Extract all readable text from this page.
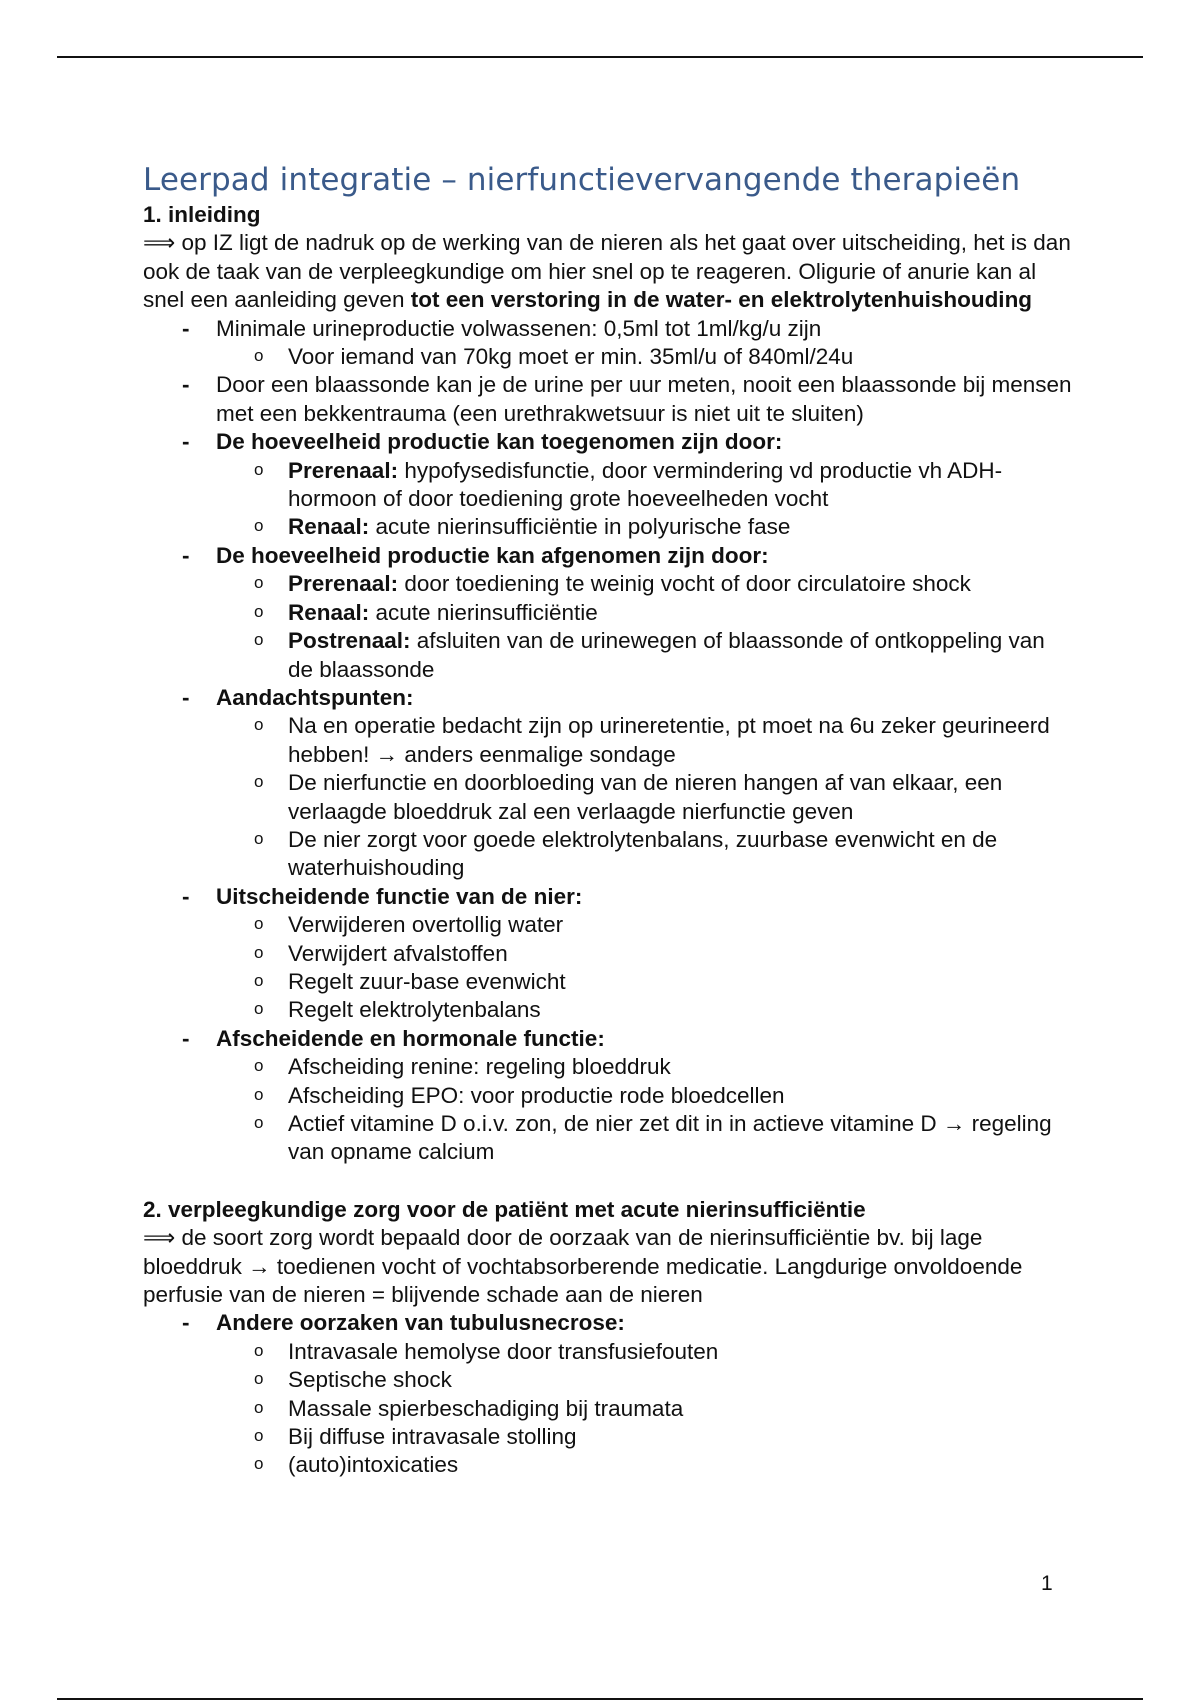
Leerpad integratie – nierfunctievervangende therapieën

1. inleiding

⟹ op IZ ligt de nadruk op de werking van de nieren als het gaat over uitscheiding, het is dan ook de taak van de verpleegkundige om hier snel op te reageren. Oligurie of anurie kan al snel een aanleiding geven tot een verstoring in de water- en elektrolytenhuishouding

- Minimale urineproductie volwassenen: 0,5ml tot 1ml/kg/u zijn
o Voor iemand van 70kg moet er min. 35ml/u of 840ml/24u
- Door een blaassonde kan je de urine per uur meten, nooit een blaassonde bij mensen met een bekkentrauma (een urethrakwetsuur is niet uit te sluiten)
- De hoeveelheid productie kan toegenomen zijn door:
o Prerenaal: hypofysedisfunctie, door vermindering vd productie vh ADH-hormoon of door toediening grote hoeveelheden vocht
o Renaal: acute nierinsufficiëntie in polyurische fase
- De hoeveelheid productie kan afgenomen zijn door:
o Prerenaal: door toediening te weinig vocht of door circulatoire shock
o Renaal: acute nierinsufficiëntie
o Postrenaal: afsluiten van de urinewegen of blaassonde of ontkoppeling van de blaassonde
- Aandachtspunten:
o Na en operatie bedacht zijn op urineretentie, pt moet na 6u zeker geurineerd hebben! → anders eenmalige sondage
o De nierfunctie en doorbloeding van de nieren hangen af van elkaar, een verlaagde bloeddruk zal een verlaagde nierfunctie geven
o De nier zorgt voor goede elektrolytenbalans, zuurbase evenwicht en de waterhuishouding
- Uitscheidende functie van de nier:
o Verwijderen overtollig water
o Verwijdert afvalstoffen
o Regelt zuur-base evenwicht
o Regelt elektrolytenbalans
- Afscheidende en hormonale functie:
o Afscheiding renine: regeling bloeddruk
o Afscheiding EPO: voor productie rode bloedcellen
o Actief vitamine D o.i.v. zon, de nier zet dit in in actieve vitamine D → regeling van opname calcium

2. verpleegkundige zorg voor de patiënt met acute nierinsufficiëntie

⟹ de soort zorg wordt bepaald door de oorzaak van de nierinsufficiëntie bv. bij lage bloeddruk → toedienen vocht of vochtabsorberende medicatie. Langdurige onvoldoende perfusie van de nieren = blijvende schade aan de nieren

- Andere oorzaken van tubulusnecrose:
o Intravasale hemolyse door transfusiefouten
o Septische shock
o Massale spierbeschadiging bij traumata
o Bij diffuse intravasale stolling
o (auto)intoxicaties
1
